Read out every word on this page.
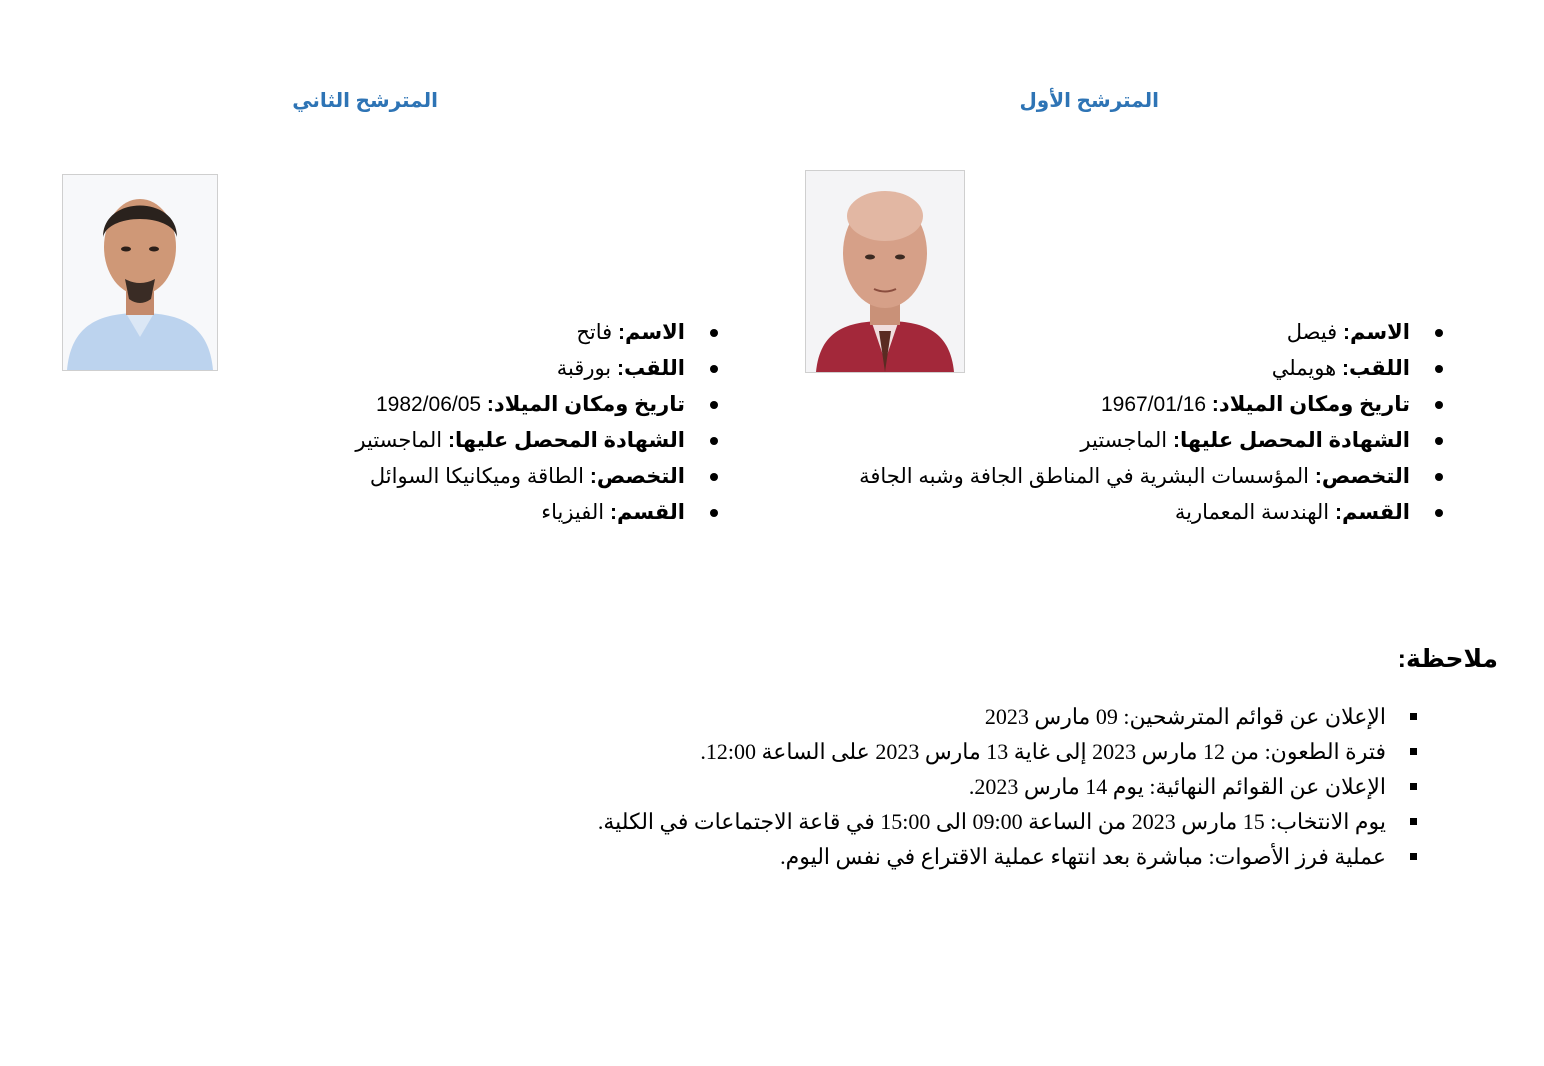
المترشح الأول
الاسم: فيصل
اللقب: هويملي
تاريخ ومكان الميلاد: 1967/01/16
الشهادة المحصل عليها: الماجستير
التخصص: المؤسسات البشرية في المناطق الجافة وشبه الجافة
القسم: الهندسة المعمارية
المترشح الثاني
الاسم: فاتح
اللقب: بورقبة
تاريخ ومكان الميلاد: 1982/06/05
الشهادة المحصل عليها: الماجستير
التخصص: الطاقة وميكانيكا السوائل
القسم: الفيزياء
ملاحظة:
الإعلان عن قوائم المترشحين: 09 مارس 2023
فترة الطعون: من 12 مارس 2023 إلى غاية 13 مارس 2023 على الساعة 12:00.
الإعلان عن القوائم النهائية: يوم 14 مارس 2023.
يوم الانتخاب: 15 مارس 2023 من الساعة 09:00 الى 15:00 في قاعة الاجتماعات في الكلية.
عملية فرز الأصوات: مباشرة بعد انتهاء عملية الاقتراع في نفس اليوم.
